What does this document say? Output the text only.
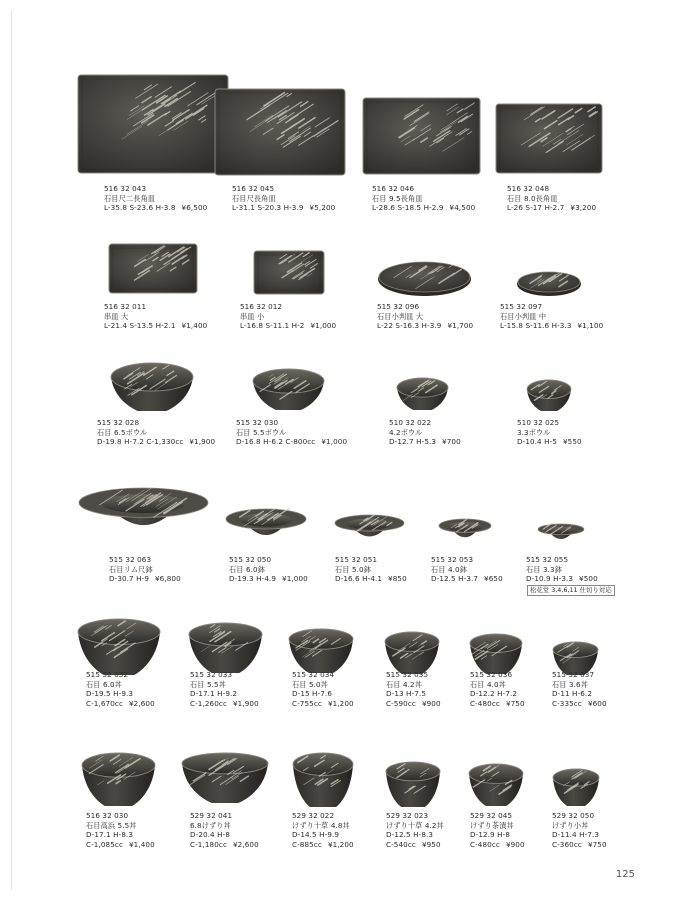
516 32 043
石目尺二長角皿
L-35.8 S-23.6 H-3.8 ¥6,500
516 32 045
石目尺長角皿
L-31.1 S-20.3 H-3.9 ¥5,200
516 32 046
石目 9.5長角皿
L-28.6 S-18.5 H-2.9 ¥4,500
516 32 048
石目 8.0長角皿
L-26 S-17 H-2.7 ¥3,200
516 32 011
串皿 大
L-21.4 S-13.5 H-2.1 ¥1,400
516 32 012
串皿 小
L-16.8 S-11.1 H-2 ¥1,000
515 32 096
石目小判皿 大
L-22 S-16.3 H-3.9 ¥1,700
515 32 097
石目小判皿 中
L-15.8 S-11.6 H-3.3 ¥1,100
515 32 028
石目 6.5ボウル
D-19.8 H-7.2 C-1,330cc ¥1,900
515 32 030
石目 5.5ボウル
D-16.8 H-6.2 C-800cc ¥1,000
510 32 022
4.2ボウル
D-12.7 H-5.3 ¥700
510 32 025
3.3ボウル
D-10.4 H-5 ¥550
515 32 063
石目リム尺鉢
D-30.7 H-9 ¥6,800
515 32 050
石目 6.0鉢
D-19.3 H-4.9 ¥1,000
515 32 051
石目 5.0鉢
D-16.6 H-4.1 ¥850
515 32 053
石目 4.0鉢
D-12.5 H-3.7 ¥650
515 32 055
石目 3.3鉢
D-10.9 H-3.3 ¥500
515 32 032
石目 6.0丼
D-19.5 H-9.3
C-1,670cc ¥2,600
515 32 033
石目 5.5丼
D-17.1 H-9.2
C-1,260cc ¥1,900
515 32 034
石目 5.0丼
D-15 H-7.6
C-755cc ¥1,200
515 32 035
石目 4.2丼
D-13 H-7.5
C-590cc ¥900
515 32 036
石目 4.0丼
D-12.2 H-7.2
C-480cc ¥750
515 32 037
石目 3.6丼
D-11 H-6.2
C-335cc ¥600
516 32 030
石目高浜 5.5丼
D-17.1 H-8.3
C-1,085cc ¥1,400
529 32 041
6.8けずり丼
D-20.4 H-8
C-1,180cc ¥2,600
529 32 022
けずり十草 4.8丼
D-14.5 H-9.9
C-885cc ¥1,200
529 32 023
けずり十草 4.2丼
D-12.5 H-8.3
C-540cc ¥950
529 32 045
けずり茶漬丼
D-12.9 H-8
C-480cc ¥900
529 32 050
けずり小丼
D-11.4 H-7.3
C-360cc ¥750
松花堂 3,4,6,11 仕切り対応
125
